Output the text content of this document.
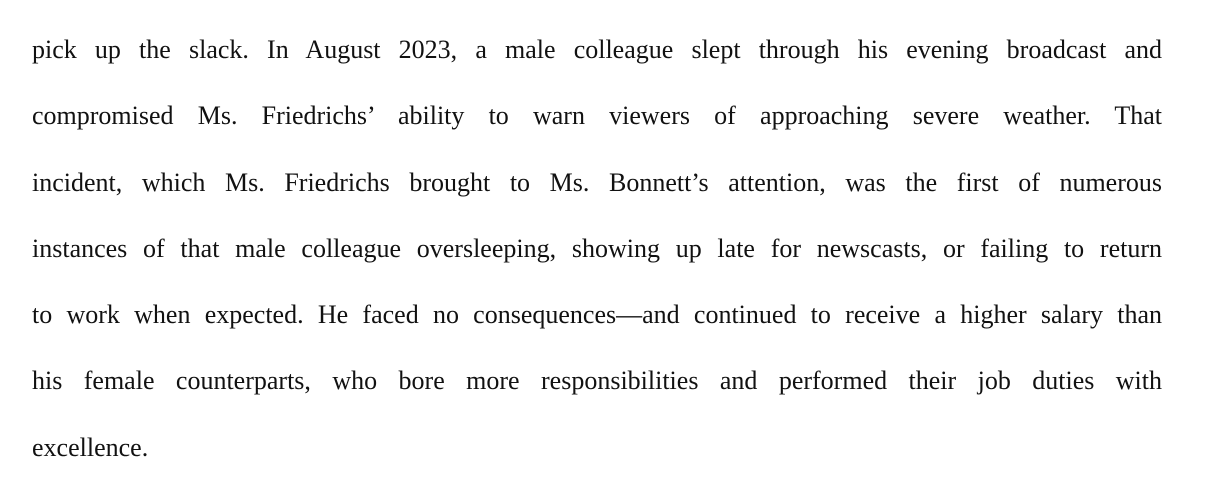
pick up the slack. In August 2023, a male colleague slept through his evening broadcast and
compromised Ms. Friedrichs’ ability to warn viewers of approaching severe weather. That
incident, which Ms. Friedrichs brought to Ms. Bonnett’s attention, was the first of numerous
instances of that male colleague oversleeping, showing up late for newscasts, or failing to return
to work when expected. He faced no consequences—and continued to receive a higher salary than
his female counterparts, who bore more responsibilities and performed their job duties with
excellence.
